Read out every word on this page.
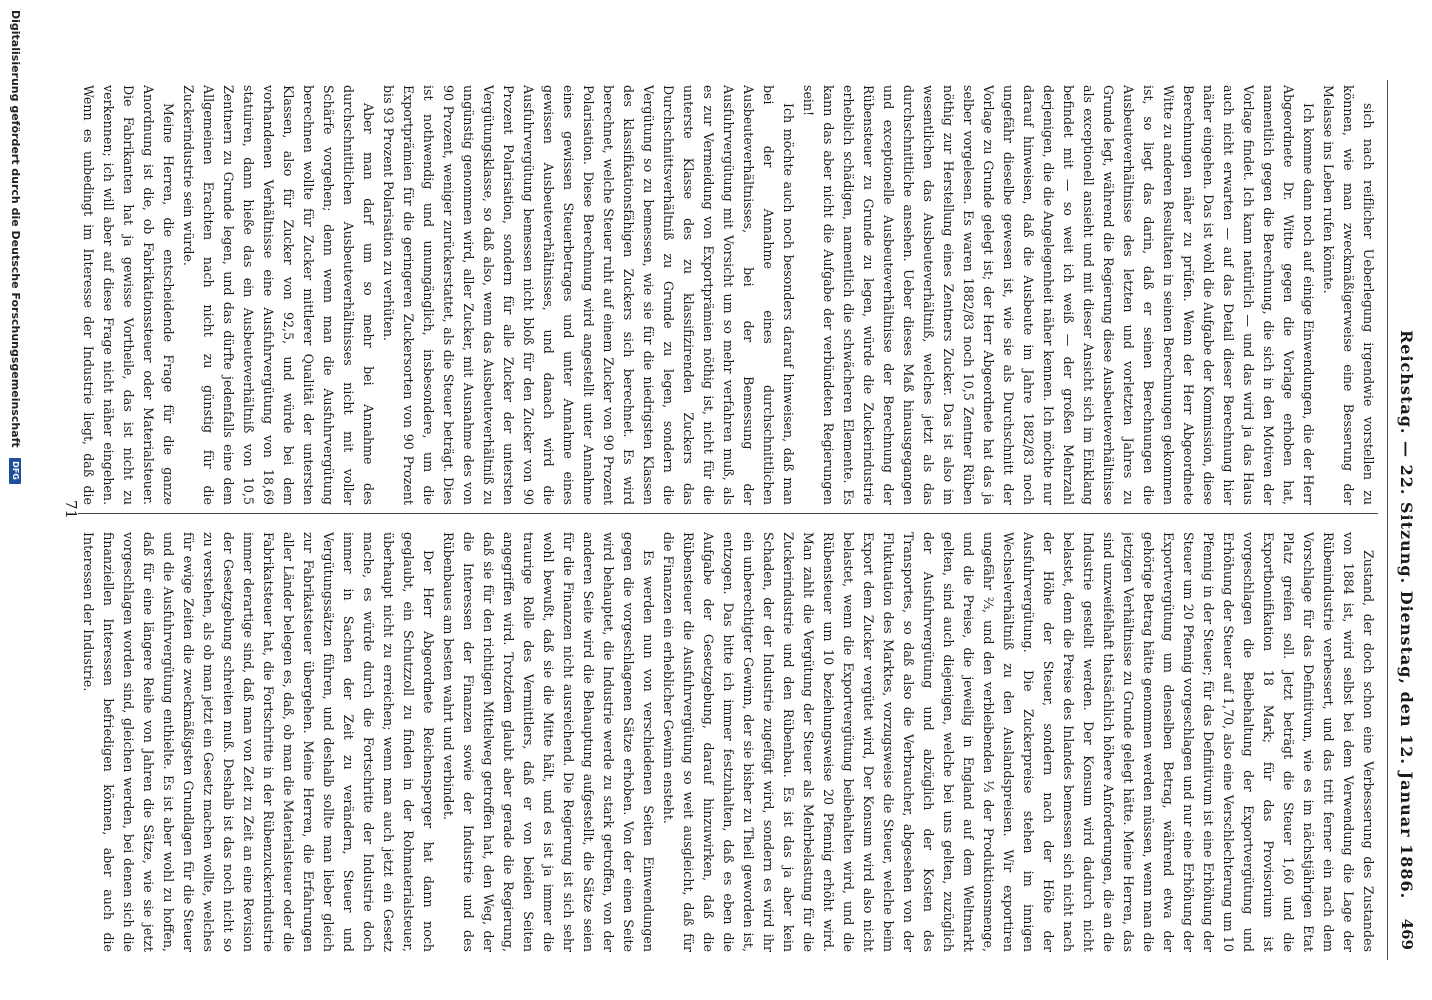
Reichstag. — 22. Sitzung. Dienstag, den 12. Januar 1886.
469

sich nach reiflicher Ueberlegung irgendwie vorstellen zu können, wie man zweckmäßigerweise eine Besserung der Melasse ins Leben rufen könnte.

Ich komme dann noch auf einige Einwendungen, die der Herr Abgeordnete Dr. Witte gegen die Vorlage erhoben hat, namentlich gegen die Berechnung, die sich in den Motiven der Vorlage findet. Ich kann natürlich — und das wird ja das Haus auch nicht erwarten — auf das Detail dieser Berechnung hier näher eingehen. Das ist wohl die Aufgabe der Kommission, diese Berechnungen näher zu prüfen. Wenn der Herr Abgeordnete Witte zu anderen Resultaten in seinen Berechnungen gekommen ist, so liegt das darin, daß er seinen Berechnungen die Ausbeuteverhältnisse des letzten und vorletzten Jahres zu Grunde legt, während die Regierung diese Ausbeuteverhältnisse als exceptionell ansieht und mit dieser Ansicht sich im Einklang befindet mit — so weit ich weiß — der großen Mehrzahl derjenigen, die die Angelegenheit näher kennen. Ich möchte nur darauf hinweisen, daß die Ausbeute im Jahre 1882/83 noch ungefähr dieselbe gewesen ist, wie sie als Durchschnitt der Vorlage zu Grunde gelegt ist; der Herr Abgeordnete hat das ja selber vorgelesen. Es waren 1882/83 noch 10,5 Zentner Rüben nöthig zur Herstellung eines Zentners Zucker. Das ist also im wesentlichen das Ausbeuteverhältniß, welches jetzt als das durchschnittliche ansehen. Ueber dieses Maß hinausgegangen und exceptionelle Ausbeuteverhältnisse der Berechnung der Rübensteuer zu Grunde zu legen, würde die Zuckerindustrie erheblich schädigen, namentlich die schwächeren Elemente. Es kann das aber nicht die Aufgabe der verbündeten Regierungen sein!

Ich möchte auch noch besonders darauf hinweisen, daß man bei der Annahme eines durchschnittlichen Ausbeuteverhältnisses, bei der Bemessung der Ausfuhrvergütung mit Vorsicht um so mehr verfahren muß, als es zur Vermeidung von Exportprämien nöthig ist, nicht für die unterste Klasse des zu klassifizirenden Zuckers das Durchschnittsverhältniß zu Grunde zu legen, sondern die Vergütung so zu bemessen, wie sie für die niedrigsten Klassen des klassifikationsfähigen Zuckers sich berechnet. Es wird berechnet, welche Steuer ruht auf einem Zucker von 90 Prozent Polarisation. Diese Berechnung wird angestellt unter Annahme eines gewissen Steuerbetrages und unter Annahme eines gewissen Ausbeuteverhältnisses, und danach wird die Ausfuhrvergütung bemessen nicht bloß für den Zucker von 90 Prozent Polarisation, sondern für alle Zucker der untersten Vergütungsklasse, so daß also, wenn das Ausbeuteverhältniß zu ungünstig genommen wird, aller Zucker, mit Ausnahme des von 90 Prozent, weniger zurückerstattet, als die Steuer beträgt. Dies ist nothwendig und unumgänglich, insbesondere, um die Exportprämien für die geringeren Zuckersorten von 90 Prozent bis 93 Prozent Polarisation zu verhüten.

Aber man darf um so mehr bei Annahme des durchschnittlichen Ausbeuteverhältnisses nicht mit voller Schärfe vorgehen; denn wenn man die Ausfuhrvergütung berechnen wollte für Zucker mittlerer Qualität der untersten Klassen, also für Zucker von 92,5, und würde bei dem vorhandenen Verhältnisse eine Ausfuhrvergütung von 18,69 statuiren, dann hieße das ein Ausbeuteverhältniß von 10,5 Zentnern zu Grunde legen, und das dürfte jedenfalls eine dem Allgemeinen Erachten nach nicht zu günstig für die Zuckerindustrie sein würde.

Meine Herren, die entscheidende Frage für die ganze Anordnung ist die, ob Fabrikationssteuer oder Materialsteuer. Die Fabrikanten hat ja gewisse Vortheile, das ist nicht zu verkennen; ich will aber auf diese Frage nicht näher eingehen. Wenn es unbedingt im Interesse der Industrie liegt, daß die

Zustand, der doch schon eine Verbesserung des Zustandes von 1884 ist, wird selbst bei dem Verwendung die Lage der Rübenindustrie verbessert, und das tritt ferner ein nach dem Vorschlage für das Definitivum, wie es im nächstjährigen Etat Platz greifen soll. Jetzt beträgt die Steuer 1,60 und die Exportbonifikation 18 Mark; für das Provisorium ist vorgeschlagen die Beibehaltung der Exportvergütung und Erhöhung der Steuer auf 1,70, also eine Verschlechterung um 10 Pfennig in der Steuer; für das Definitivum ist eine Erhöhung der Steuer um 20 Pfennig vorgeschlagen und nur eine Erhöhung der Exportvergütung um denselben Betrag, während etwa der gehörige Betrag hätte genommen werden müssen, wenn man die jetzigen Verhältnisse zu Grunde gelegt hätte. Meine Herren, das sind unzweifelhaft thatsächlich höhere Anforderungen, die an die Industrie gestellt werden. Der Konsum wird dadurch nicht belastet, denn die Preise des Inlandes bemessen sich nicht nach der Höhe der Steuer, sondern nach der Höhe der Ausfuhrvergütung. Die Zuckerpreise stehen im innigen Wechselverhältniß zu den Auslandspreisen. Wir exportiren ungefähr ⅔, und den verbleibenden ⅓ der Produktionsmenge, und die Preise, die jeweilig in England auf dem Weltmarkt gelten, sind auch diejenigen, welche bei uns gelten, zuzüglich der Ausfuhrvergütung und abzüglich der Kosten des Transportes, so daß also die Verbraucher, abgesehen von der Fluktuation des Marktes, vorzugsweise die Steuer, welche beim Export dem Zucker vergütet wird, Der Konsum wird also nicht belastet, wenn die Exportvergütung beibehalten wird, und die Rübensteuer um 10 beziehungsweise 20 Pfennig erhöht wird. Man zahlt die Vergütung der Steuer als Mehrbelastung für die Zuckerindustrie und den Rübenbau. Es ist das ja aber kein Schaden, der der Industrie zugefügt wird, sondern es wird ihr ein unberechtigter Gewinn, der sie bisher zu Theil geworden ist, entzogen. Das bitte ich immer festzuhalten, daß es eben die Aufgabe der Gesetzgebung, darauf hinzuwirken, daß die Rübensteuer die Ausfuhrvergütung so weit ausgleicht, daß für die Finanzen ein erheblicher Gewinn ensteht.

Es werden nun von verschiedenen Seiten Einwendungen gegen die vorgeschlagenen Sätze erhoben. Von der einen Seite wird behauptet, die Industrie werde zu stark getroffen, von der anderen Seite wird die Behauptung aufgestellt, die Sätze seien für die Finanzen nicht ausreichend. Die Regierung ist sich sehr wohl bewußt, daß sie die Mitte hält, und es ist ja immer die traurige Rolle des Vermittlers, daß er von beiden Seiten angegriffen wird. Trotzdem glaubt aber gerade die Regierung, daß sie für den richtigen Mittelweg getroffen hat, den Weg, der die Interessen der Finanzen sowie der Industrie und des Rübenbaues am besten wahrt und verbindet.

Der Herr Abgeordnete Reichensperger hat dann noch geglaubt, ein Schutzzoll zu finden in der Rohmaterialsteuer, überhaupt nicht zu erreichen; wenn man auch jetzt ein Gesetz mache, es würde durch die Fortschritte der Industrie doch immer in Sachen der Zeit zu verändern, Steuer und Vergütungssätzen führen, und deshalb sollte man lieber gleich zur Fabrikatsteuer übergehen. Meine Herren, die Erfahrungen aller Länder belegen es, daß, ob man die Materialsteuer oder die Fabrikatsteuer hat, die Fortschritte in der Rübenzuckerindustrie immer derartige sind, daß man von Zeit zu Zeit an eine Revision der Gesetzgebung schreiten muß. Deshalb ist das noch nicht so zu verstehen, als ob man jetzt ein Gesetz machen wollte, welches für ewige Zeiten die zweckmäßigsten Grundlagen für die Steuer und die Ausfuhrvergütung enthielte. Es ist aber wohl zu hoffen, daß für eine längere Reihe von Jahren die Sätze, wie sie jetzt vorgeschlagen worden sind, gleichen werden, bei denen sich die finanziellen Interessen befriedigen können, aber auch die Interessen der Industrie.

71
Digitalisierung gefördert durch die Deutsche Forschungsgemeinschaft DFG
